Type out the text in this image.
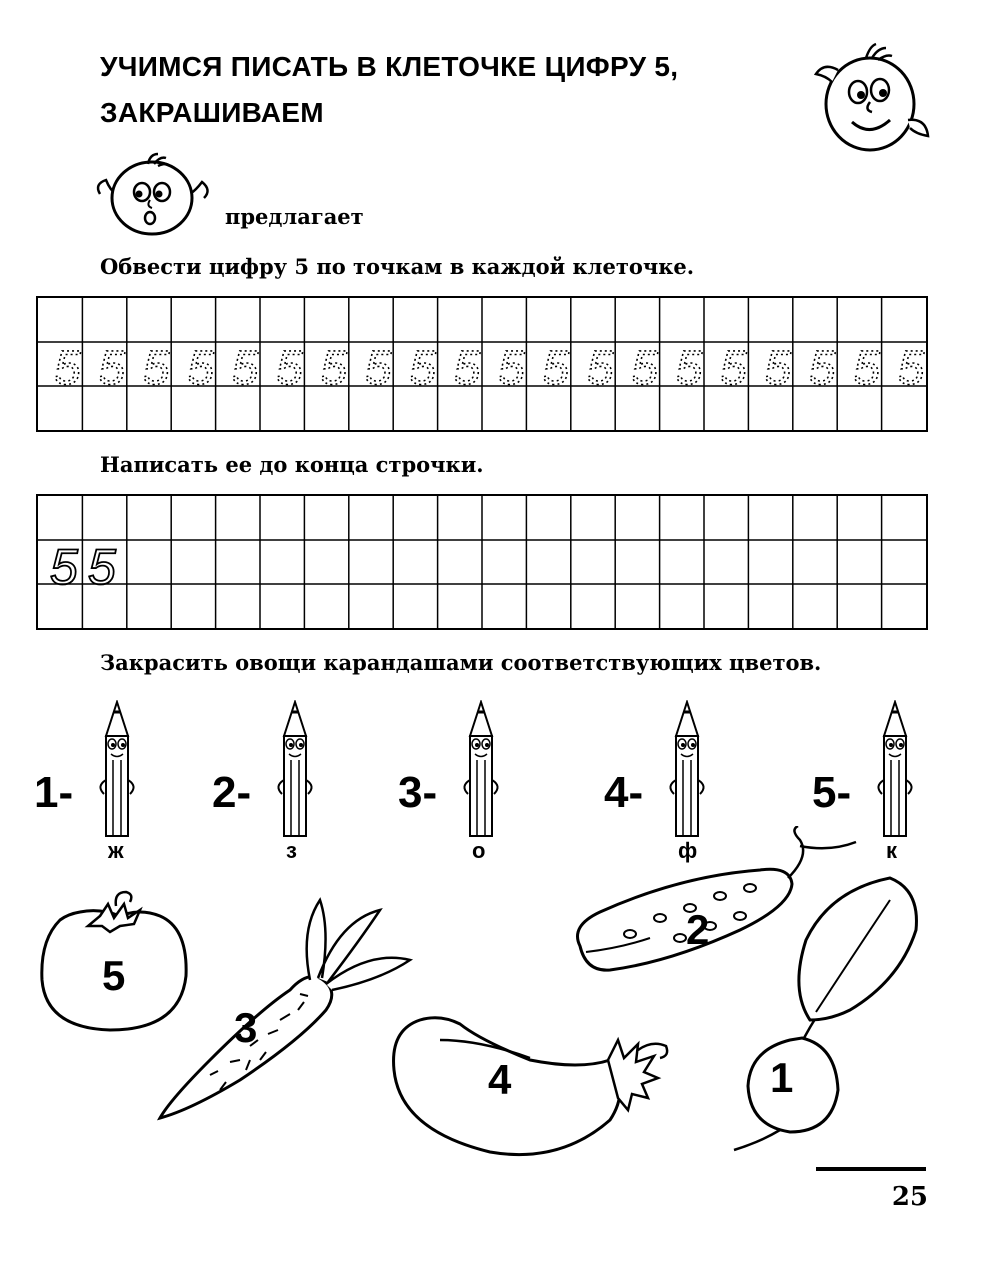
УЧИМСЯ ПИСАТЬ В КЛЕТОЧКЕ ЦИФРУ 5,
ЗАКРАШИВАЕМ
предлагает
Обвести цифру 5 по точкам в каждой клеточке.
5 5 5 5 5 5 5 5 5 5 5 5 5 5 5 5 5 5 5 5
Написать ее до конца строчки.
5 5
Закрасить овощи карандашами соответствующих цветов.
1-
ж
2-
з
3-
о
4-
ф
5-
к
5
3
2
4	1
25
